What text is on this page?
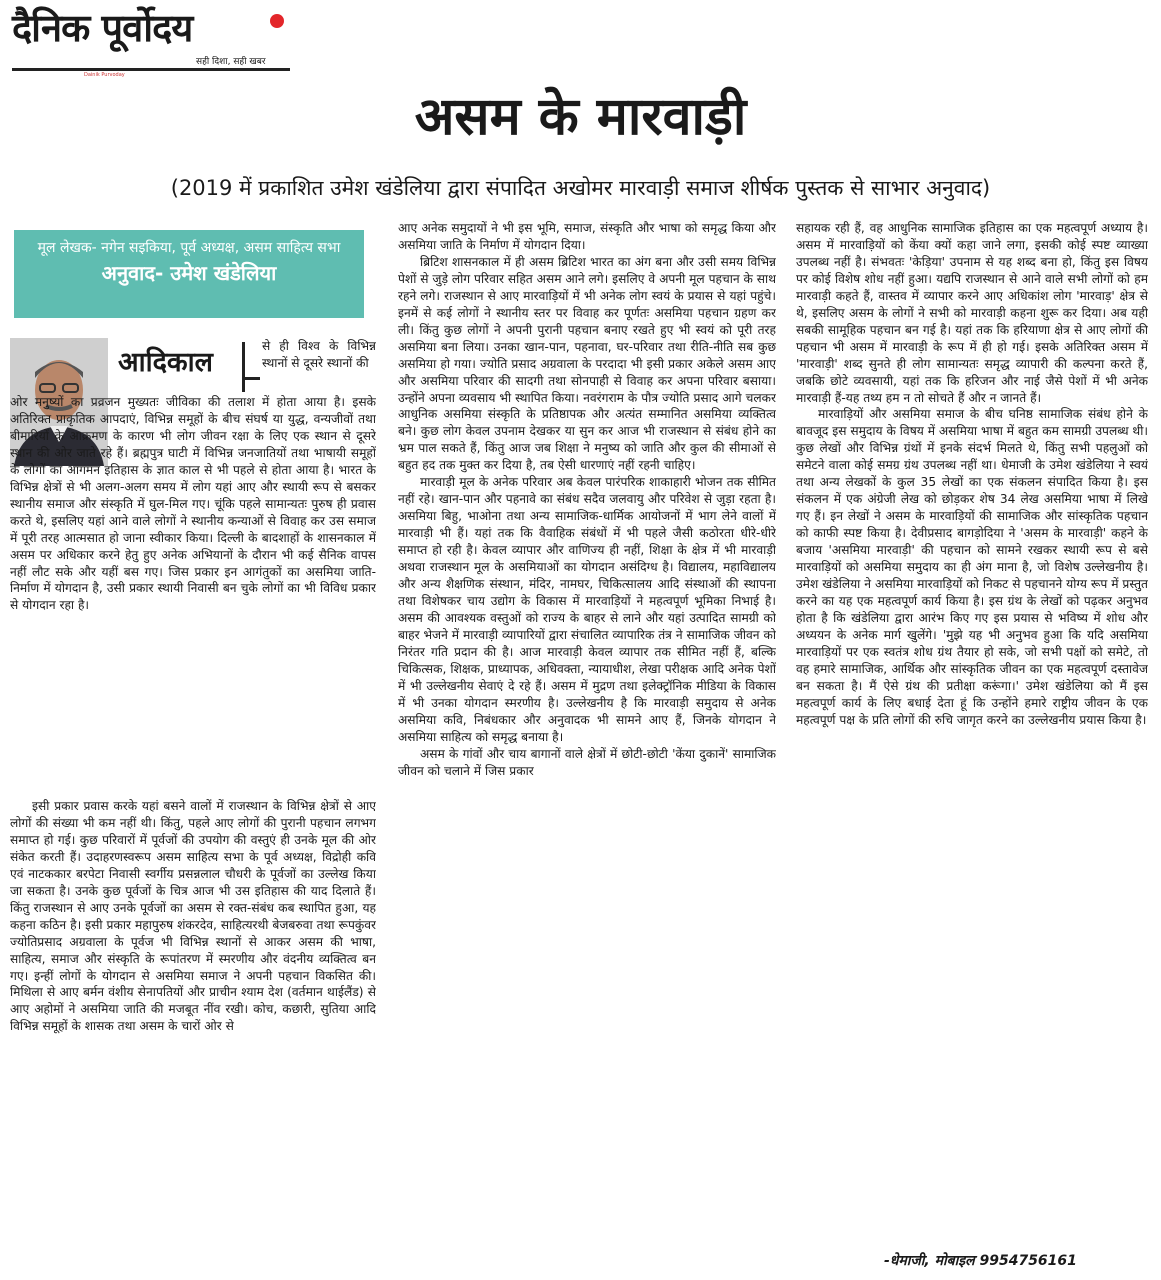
दैनिक पूर्वोदय
सही दिशा, सही खबर
Dainik Purvoday
असम के मारवाड़ी
(2019 में प्रकाशित उमेश खंडेलिया द्वारा संपादित अखोमर मारवाड़ी समाज शीर्षक पुस्तक से साभार अनुवाद)
मूल लेखक- नगेन सइकिया, पूर्व अध्यक्ष, असम साहित्य सभा
अनुवाद- उमेश खंडेलिया
आदिकाल

से ही विश्व के विभिन्न स्थानों से दूसरे स्थानों की

ओर मनुष्यों का प्रव्रजन मुख्यतः जीविका की तलाश में होता आया है। इसके अतिरिक्त प्राकृतिक आपदाएं, विभिन्न समूहों के बीच संघर्ष या युद्ध, वन्यजीवों तथा बीमारियों के आक्रमण के कारण भी लोग जीवन रक्षा के लिए एक स्थान से दूसरे स्थान की ओर जाते रहे हैं। ब्रह्मपुत्र घाटी में विभिन्न जनजातियों तथा भाषायी समूहों के लोगों का आगमन इतिहास के ज्ञात काल से भी पहले से होता आया है। भारत के विभिन्न क्षेत्रों से भी अलग-अलग समय में लोग यहां आए और स्थायी रूप से बसकर स्थानीय समाज और संस्कृति में घुल-मिल गए। चूंकि पहले सामान्यतः पुरुष ही प्रवास करते थे, इसलिए यहां आने वाले लोगों ने स्थानीय कन्याओं से विवाह कर उस समाज में पूरी तरह आत्मसात हो जाना स्वीकार किया। दिल्ली के बादशाहों के शासनकाल में असम पर अधिकार करने हेतु हुए अनेक अभियानों के दौरान भी कई सैनिक वापस नहीं लौट सके और यहीं बस गए। जिस प्रकार इन आगंतुकों का असमिया जाति-निर्माण में योगदान है, उसी प्रकार स्थायी निवासी बन चुके लोगों का भी विविध प्रकार से योगदान रहा है।

इसी प्रकार प्रवास करके यहां बसने वालों में राजस्थान के विभिन्न क्षेत्रों से आए लोगों की संख्या भी कम नहीं थी। किंतु, पहले आए लोगों की पुरानी पहचान लगभग समाप्त हो गई। कुछ परिवारों में पूर्वजों की उपयोग की वस्तुएं ही उनके मूल की ओर संकेत करती हैं। उदाहरणस्वरूप असम साहित्य सभा के पूर्व अध्यक्ष, विद्रोही कवि एवं नाटककार बरपेटा निवासी स्वर्गीय प्रसन्नलाल चौधरी के पूर्वजों का उल्लेख किया जा सकता है। उनके कुछ पूर्वजों के चित्र आज भी उस इतिहास की याद दिलाते हैं। किंतु राजस्थान से आए उनके पूर्वजों का असम से रक्त-संबंध कब स्थापित हुआ, यह कहना कठिन है। इसी प्रकार महापुरुष शंकरदेव, साहित्यरथी बेजबरुवा तथा रूपकुंवर ज्योतिप्रसाद अग्रवाला के पूर्वज भी विभिन्न स्थानों से आकर असम की भाषा, साहित्य, समाज और संस्कृति के रूपांतरण में स्मरणीय और वंदनीय व्यक्तित्व बन गए। इन्हीं लोगों के योगदान से असमिया समाज ने अपनी पहचान विकसित की। मिथिला से आए बर्मन वंशीय सेनापतियों और प्राचीन श्याम देश (वर्तमान थाईलैंड) से आए अहोमों ने असमिया जाति की मजबूत नींव रखी। कोच, कछारी, सुतिया आदि विभिन्न समूहों के शासक तथा असम के चारों ओर से

आए अनेक समुदायों ने भी इस भूमि, समाज, संस्कृति और भाषा को समृद्ध किया और असमिया जाति के निर्माण में योगदान दिया।

ब्रिटिश शासनकाल में ही असम ब्रिटिश भारत का अंग बना और उसी समय विभिन्न पेशों से जुड़े लोग परिवार सहित असम आने लगे। इसलिए वे अपनी मूल पहचान के साथ रहने लगे। राजस्थान से आए मारवाड़ियों में भी अनेक लोग स्वयं के प्रयास से यहां पहुंचे। इनमें से कई लोगों ने स्थानीय स्तर पर विवाह कर पूर्णतः असमिया पहचान ग्रहण कर ली। किंतु कुछ लोगों ने अपनी पुरानी पहचान बनाए रखते हुए भी स्वयं को पूरी तरह असमिया बना लिया। उनका खान-पान, पहनावा, घर-परिवार तथा रीति-नीति सब कुछ असमिया हो गया। ज्योति प्रसाद अग्रवाला के परदादा भी इसी प्रकार अकेले असम आए और असमिया परिवार की सादगी तथा सोनपाही से विवाह कर अपना परिवार बसाया। उन्होंने अपना व्यवसाय भी स्थापित किया। नवरंगराम के पौत्र ज्योति प्रसाद आगे चलकर आधुनिक असमिया संस्कृति के प्रतिष्ठापक और अत्यंत सम्मानित असमिया व्यक्तित्व बने। कुछ लोग केवल उपनाम देखकर या सुन कर आज भी राजस्थान से संबंध होने का भ्रम पाल सकते हैं, किंतु आज जब शिक्षा ने मनुष्य को जाति और कुल की सीमाओं से बहुत हद तक मुक्त कर दिया है, तब ऐसी धारणाएं नहीं रहनी चाहिए।

मारवाड़ी मूल के अनेक परिवार अब केवल पारंपरिक शाकाहारी भोजन तक सीमित नहीं रहे। खान-पान और पहनावे का संबंध सदैव जलवायु और परिवेश से जुड़ा रहता है। असमिया बिहु, भाओना तथा अन्य सामाजिक-धार्मिक आयोजनों में भाग लेने वालों में मारवाड़ी भी हैं। यहां तक कि वैवाहिक संबंधों में भी पहले जैसी कठोरता धीरे-धीरे समाप्त हो रही है। केवल व्यापार और वाणिज्य ही नहीं, शिक्षा के क्षेत्र में भी मारवाड़ी अथवा राजस्थान मूल के असमियाओं का योगदान असंदिग्ध है। विद्यालय, महाविद्यालय और अन्य शैक्षणिक संस्थान, मंदिर, नामघर, चिकित्सालय आदि संस्थाओं की स्थापना तथा विशेषकर चाय उद्योग के विकास में मारवाड़ियों ने महत्वपूर्ण भूमिका निभाई है। असम की आवश्यक वस्तुओं को राज्य के बाहर से लाने और यहां उत्पादित सामग्री को बाहर भेजने में मारवाड़ी व्यापारियों द्वारा संचालित व्यापारिक तंत्र ने सामाजिक जीवन को निरंतर गति प्रदान की है। आज मारवाड़ी केवल व्यापार तक सीमित नहीं हैं, बल्कि चिकित्सक, शिक्षक, प्राध्यापक, अधिवक्ता, न्यायाधीश, लेखा परीक्षक आदि अनेक पेशों में भी उल्लेखनीय सेवाएं दे रहे हैं। असम में मुद्रण तथा इलेक्ट्रॉनिक मीडिया के विकास में भी उनका योगदान स्मरणीय है। उल्लेखनीय है कि मारवाड़ी समुदाय से अनेक असमिया कवि, निबंधकार और अनुवादक भी सामने आए हैं, जिनके योगदान ने असमिया साहित्य को समृद्ध बनाया है।

असम के गांवों और चाय बागानों वाले क्षेत्रों में छोटी-छोटी 'केंया दुकानें' सामाजिक जीवन को चलाने में जिस प्रकार

सहायक रही हैं, वह आधुनिक सामाजिक इतिहास का एक महत्वपूर्ण अध्याय है। असम में मारवाड़ियों को केंया क्यों कहा जाने लगा, इसकी कोई स्पष्ट व्याख्या उपलब्ध नहीं है। संभवतः 'केड़िया' उपनाम से यह शब्द बना हो, किंतु इस विषय पर कोई विशेष शोध नहीं हुआ। यद्यपि राजस्थान से आने वाले सभी लोगों को हम मारवाड़ी कहते हैं, वास्तव में व्यापार करने आए अधिकांश लोग 'मारवाड़' क्षेत्र से थे, इसलिए असम के लोगों ने सभी को मारवाड़ी कहना शुरू कर दिया। अब यही सबकी सामूहिक पहचान बन गई है। यहां तक कि हरियाणा क्षेत्र से आए लोगों की पहचान भी असम में मारवाड़ी के रूप में ही हो गई। इसके अतिरिक्त असम में 'मारवाड़ी' शब्द सुनते ही लोग सामान्यतः समृद्ध व्यापारी की कल्पना करते हैं, जबकि छोटे व्यवसायी, यहां तक कि हरिजन और नाई जैसे पेशों में भी अनेक मारवाड़ी हैं-यह तथ्य हम न तो सोचते हैं और न जानते हैं।

मारवाड़ियों और असमिया समाज के बीच घनिष्ठ सामाजिक संबंध होने के बावजूद इस समुदाय के विषय में असमिया भाषा में बहुत कम सामग्री उपलब्ध थी। कुछ लेखों और विभिन्न ग्रंथों में इनके संदर्भ मिलते थे, किंतु सभी पहलुओं को समेटने वाला कोई समग्र ग्रंथ उपलब्ध नहीं था। धेमाजी के उमेश खंडेलिया ने स्वयं तथा अन्य लेखकों के कुल 35 लेखों का एक संकलन संपादित किया है। इस संकलन में एक अंग्रेजी लेख को छोड़कर शेष 34 लेख असमिया भाषा में लिखे गए हैं। इन लेखों ने असम के मारवाड़ियों की सामाजिक और सांस्कृतिक पहचान को काफी स्पष्ट किया है। देवीप्रसाद बागड़ोदिया ने 'असम के मारवाड़ी' कहने के बजाय 'असमिया मारवाड़ी' की पहचान को सामने रखकर स्थायी रूप से बसे मारवाड़ियों को असमिया समुदाय का ही अंग माना है, जो विशेष उल्लेखनीय है। उमेश खंडेलिया ने असमिया मारवाड़ियों को निकट से पहचानने योग्य रूप में प्रस्तुत करने का यह एक महत्वपूर्ण कार्य किया है। इस ग्रंथ के लेखों को पढ़कर अनुभव होता है कि खंडेलिया द्वारा आरंभ किए गए इस प्रयास से भविष्य में शोध और अध्ययन के अनेक मार्ग खुलेंगे। 'मुझे यह भी अनुभव हुआ कि यदि असमिया मारवाड़ियों पर एक स्वतंत्र शोध ग्रंथ तैयार हो सके, जो सभी पक्षों को समेटे, तो वह हमारे सामाजिक, आर्थिक और सांस्कृतिक जीवन का एक महत्वपूर्ण दस्तावेज बन सकता है। मैं ऐसे ग्रंथ की प्रतीक्षा करूंगा।' उमेश खंडेलिया को मैं इस महत्वपूर्ण कार्य के लिए बधाई देता हूं कि उन्होंने हमारे राष्ट्रीय जीवन के एक महत्वपूर्ण पक्ष के प्रति लोगों की रुचि जागृत करने का उल्लेखनीय प्रयास किया है।

-धेमाजी, मोबाइल 9954756161
